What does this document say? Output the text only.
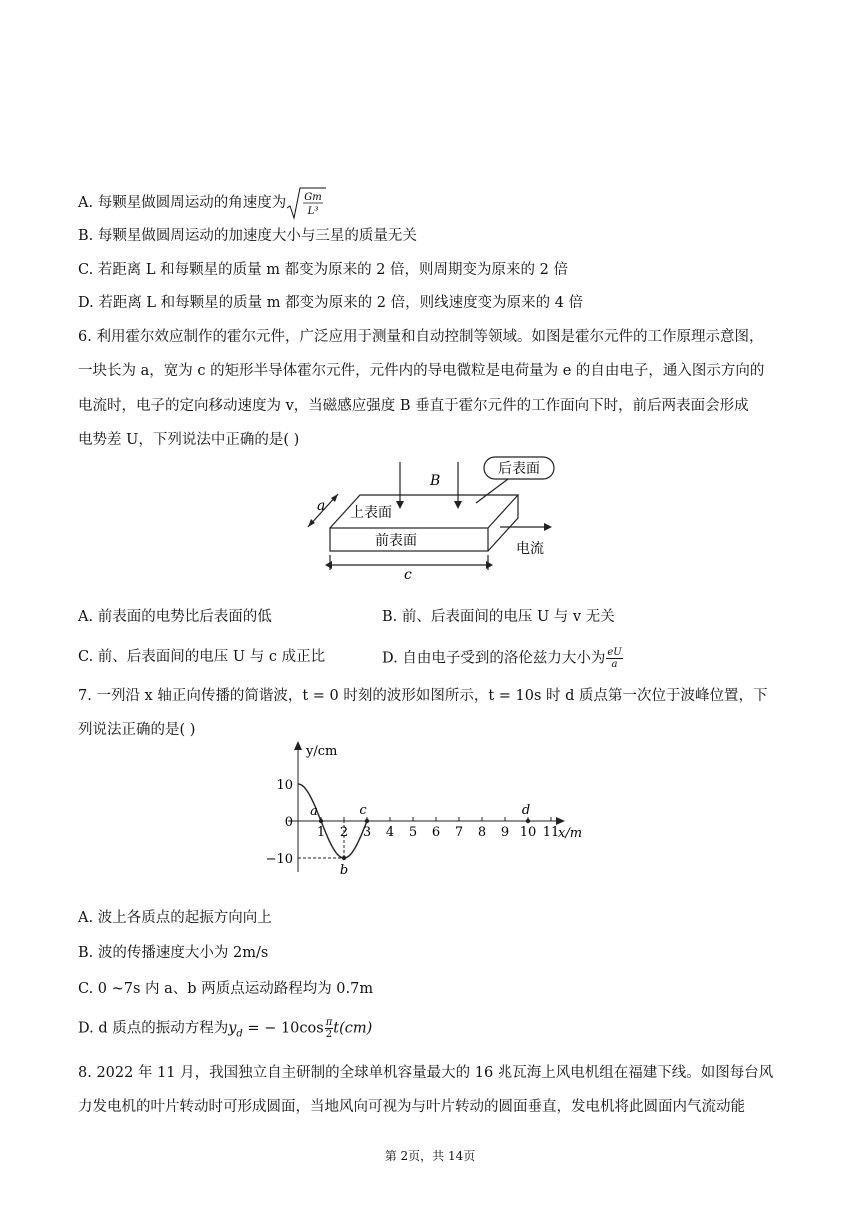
A. 每颗星做圆周运动的角速度为 Gm
L³
B. 每颗星做圆周运动的加速度大小与三星的质量无关
C. 若距离 L 和每颗星的质量 m 都变为原来的 2 倍，则周期变为原来的 2 倍
D. 若距离 L 和每颗星的质量 m 都变为原来的 2 倍，则线速度变为原来的 4 倍
6. 利用霍尔效应制作的霍尔元件，广泛应用于测量和自动控制等领域。如图是霍尔元件的工作原理示意图，
一块长为 a，宽为 c 的矩形半导体霍尔元件，元件内的导电微粒是电荷量为 e 的自由电子，通入图示方向的
电流时，电子的定向移动速度为 v，当磁感应强度 B 垂直于霍尔元件的工作面向下时，前后两表面会形成
电势差 U，下列说法中正确的是( )
B
后表面
上表面
前表面	电流
a
c
A. 前表面的电势比后表面的低	B. 前、后表面间的电压 U 与 v 无关
C. 前、后表面间的电压 U 与 c 成正比	D. 自由电子受到的洛伦兹力大小为 $\frac{eU}{a}$
7. 一列沿 x 轴正向传播的简谐波，t = 0 时刻的波形如图所示，t = 10s 时 d 质点第一次位于波峰位置，下
列说法正确的是( )
y/cm
x/m
1 2 3 4 5 6 7 8 9 10 11
10
0
−10
a
b
c	d
A. 波上各质点的起振方向向上
B. 波的传播速度大小为 2m/s
C. 0 ~7s 内 a、b 两质点运动路程均为 0.7m
D. d 质点的振动方程为$y_d$ = − $10\cos \frac{\pi}{2} t(cm)$
8. 2022 年 11 月，我国独立自主研制的全球单机容量最大的 16 兆瓦海上风电机组在福建下线。如图每台风
力发电机的叶片转动时可形成圆面，当地风向可视为与叶片转动的圆面垂直，发电机将此圆面内气流动能
第 2页，共 14页
